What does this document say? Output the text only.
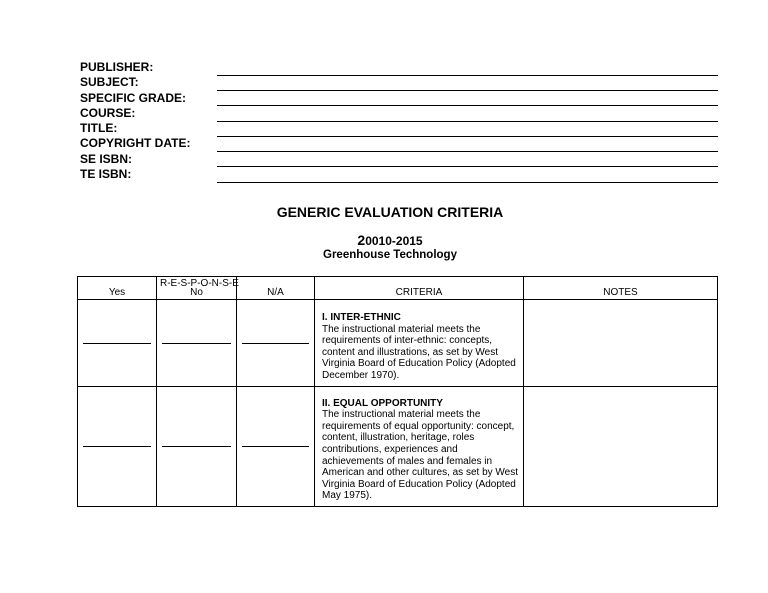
PUBLISHER:
SUBJECT:
SPECIFIC GRADE:
COURSE:
TITLE:
COPYRIGHT DATE:
SE ISBN:
TE ISBN:
GENERIC EVALUATION CRITERIA
20010-2015
Greenhouse Technology
R-E-S-P-O-N-S-E
Yes	No	N/A	CRITERIA	NOTES

			I. INTER-ETHNIC
The instructional material meets the requirements of inter-ethnic: concepts, content and illustrations, as set by West Virginia Board of Education Policy (Adopted December 1970).	

			II. EQUAL OPPORTUNITY
The instructional material meets the requirements of equal opportunity: concept, content, illustration, heritage, roles contributions, experiences and achievements of males and females in American and other cultures, as set by West Virginia Board of Education Policy (Adopted May 1975).	
